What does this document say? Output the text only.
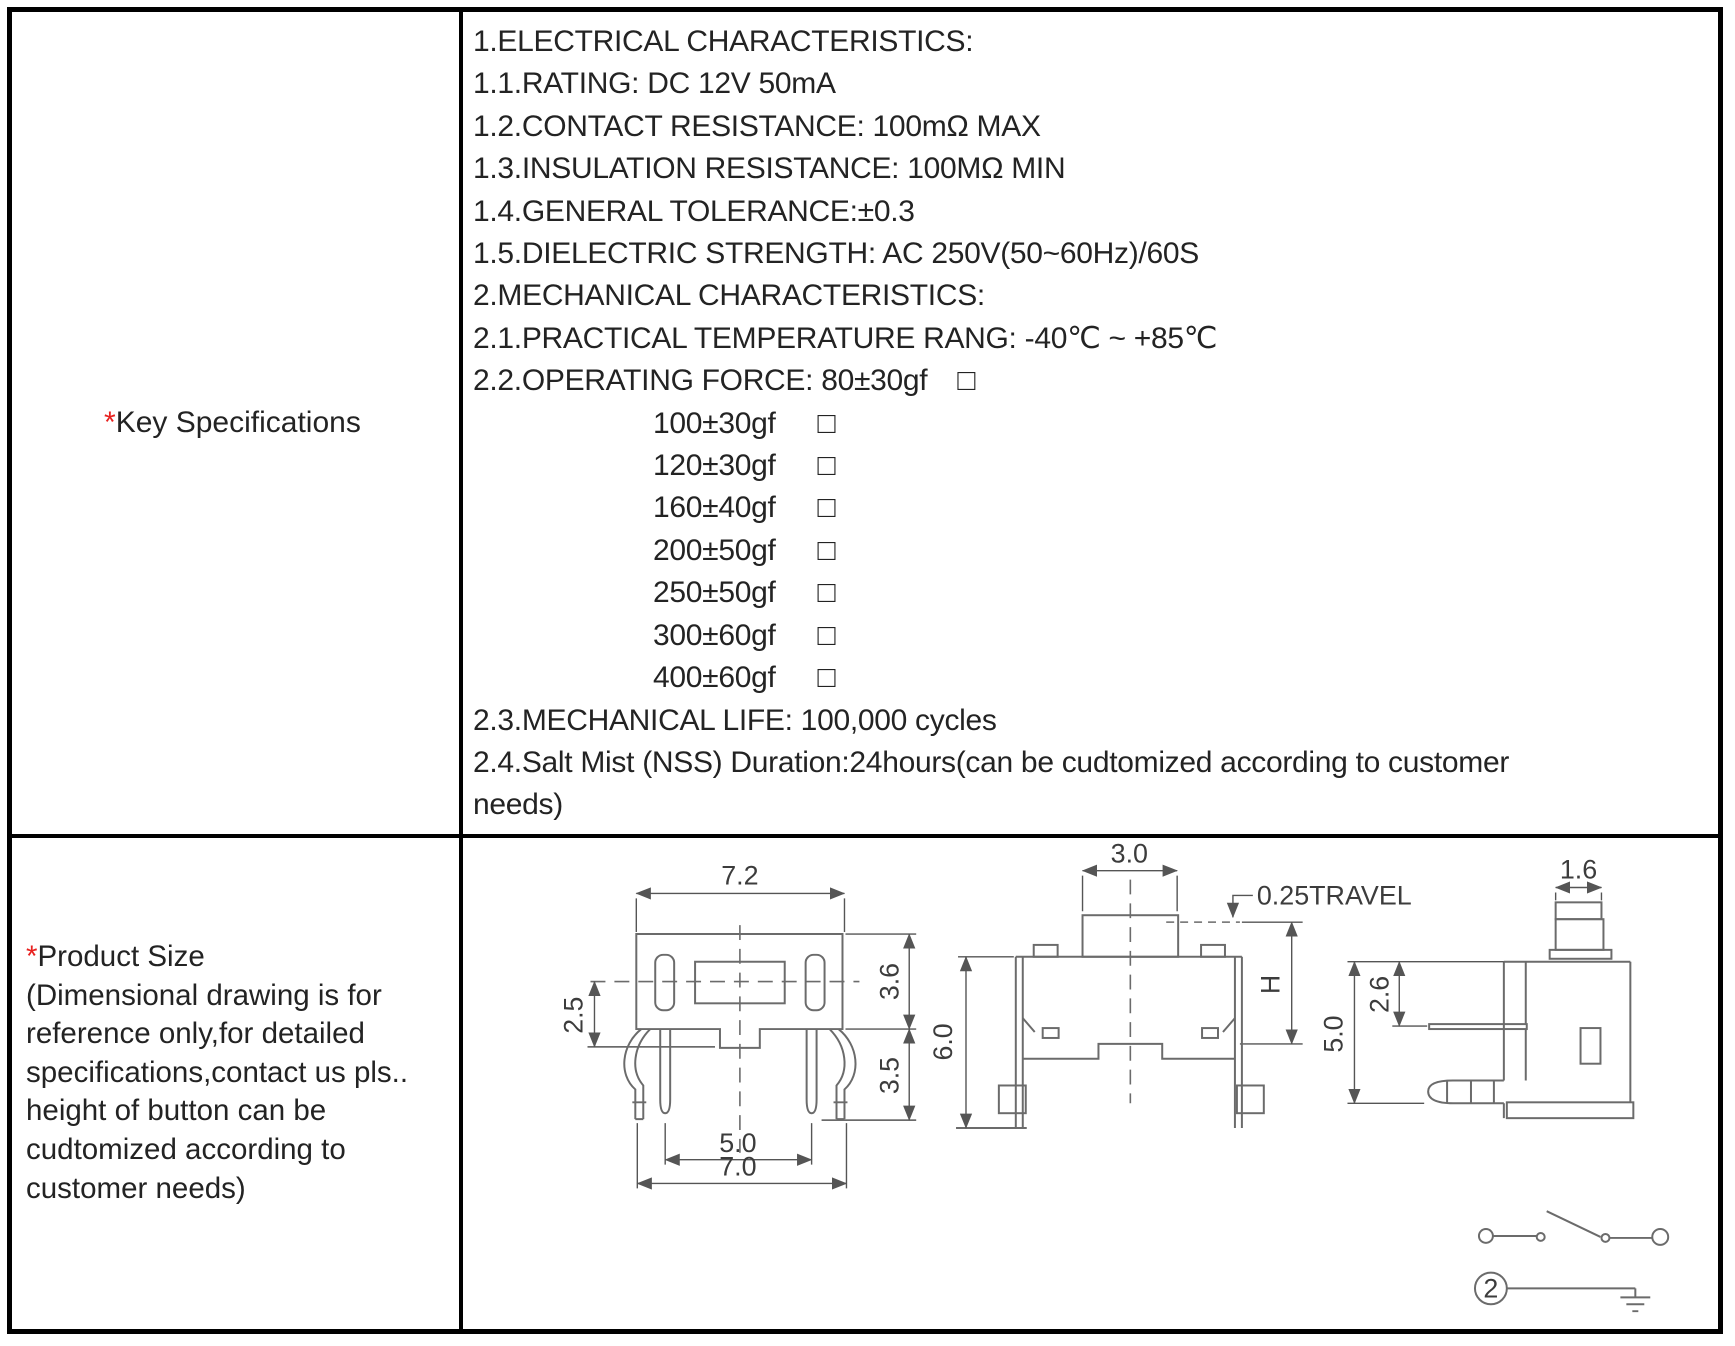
*Key Specifications
1.ELECTRICAL CHARACTERISTICS:
1.1.RATING: DC 12V 50mA
1.2.CONTACT RESISTANCE: 100mΩ MAX
1.3.INSULATION RESISTANCE: 100MΩ MIN
1.4.GENERAL TOLERANCE:±0.3
1.5.DIELECTRIC STRENGTH: AC 250V(50~60Hz)/60S
2.MECHANICAL CHARACTERISTICS:
2.1.PRACTICAL TEMPERATURE RANG: -40℃ ~ +85℃
2.2.OPERATING FORCE: 80±30gf □
100±30gf □
120±30gf □
160±40gf □
200±50gf □
250±50gf □
300±60gf □
400±60gf □
2.3.MECHANICAL LIFE: 100,000 cycles
2.4.Salt Mist (NSS) Duration:24hours(can be cudtomized according to customer needs)
*Product Size
(Dimensional drawing is for reference only,for detailed specifications,contact us pls.. height of button can be cudtomized according to customer needs)
7.2
2.5
3.6
3.5
5.0
7.0
3.0
0.25TRAVEL
H
6.0
1.6
5.0
2.6
2
